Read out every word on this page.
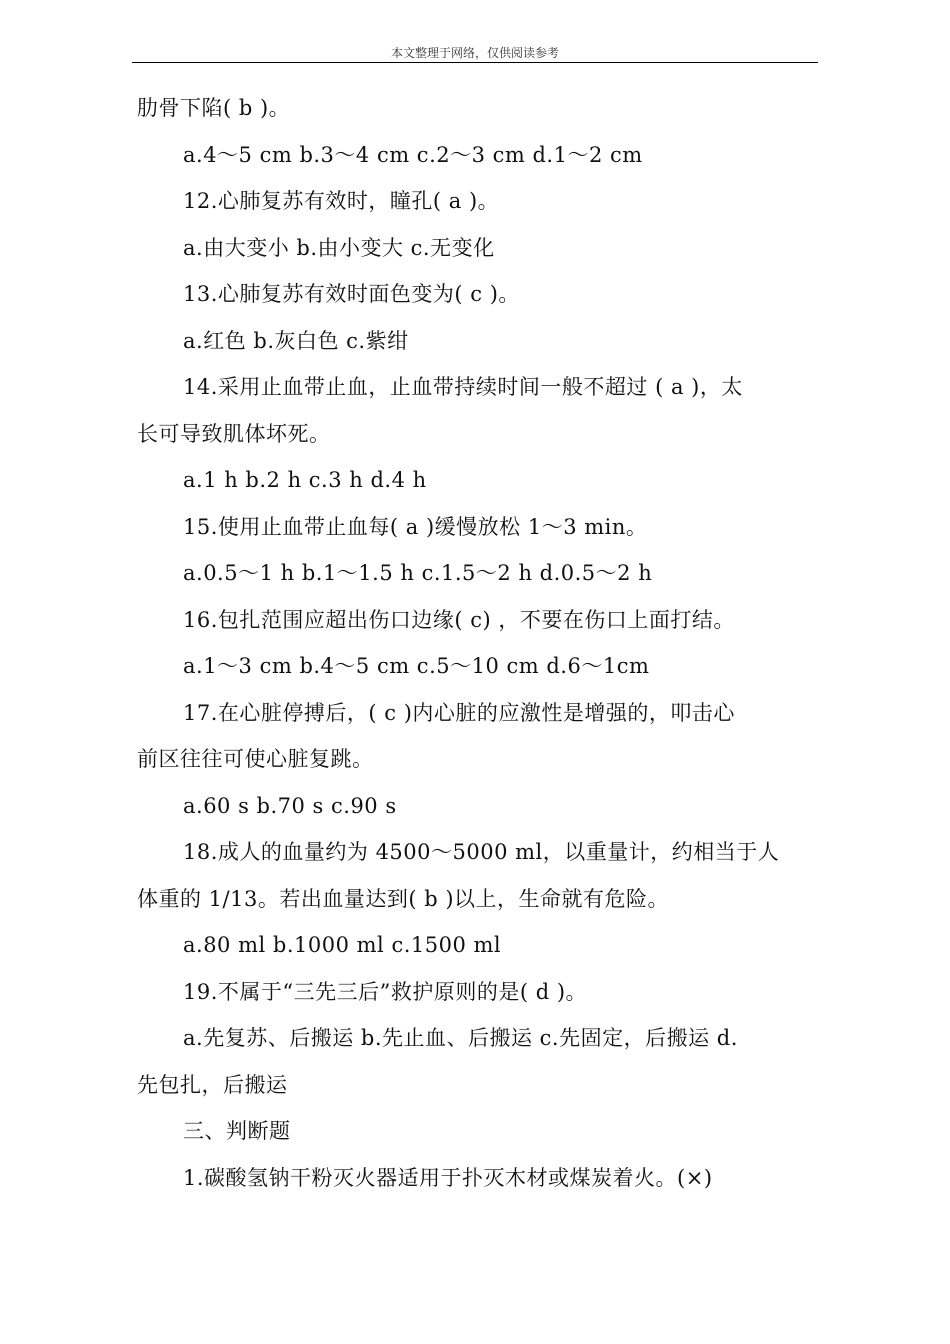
本文整理于网络，仅供阅读参考
肋骨下陷( b )。
a.4～5 cm b.3～4 cm c.2～3 cm d.1～2 cm
12.心肺复苏有效时，瞳孔( a )。
a.由大变小 b.由小变大 c.无变化
13.心肺复苏有效时面色变为( c )。
a.红色 b.灰白色 c.紫绀
14.采用止血带止血，止血带持续时间一般不超过 ( a )，太
长可导致肌体坏死。
a.1 h b.2 h c.3 h d.4 h
15.使用止血带止血每( a )缓慢放松 1～3 min。
a.0.5～1 h b.1～1.5 h c.1.5～2 h d.0.5～2 h
16.包扎范围应超出伤口边缘( c) ，不要在伤口上面打结。
a.1～3 cm b.4～5 cm c.5～10 cm d.6～1cm
17.在心脏停搏后，( c )内心脏的应激性是增强的，叩击心
前区往往可使心脏复跳。
a.60 s b.70 s c.90 s
18.成人的血量约为 4500～5000 ml，以重量计，约相当于人
体重的 1/13。若出血量达到( b )以上，生命就有危险。
a.80 ml b.1000 ml c.1500 ml
19.不属于“三先三后”救护原则的是( d )。
a.先复苏、后搬运 b.先止血、后搬运 c.先固定，后搬运 d.
先包扎，后搬运
三、判断题
1.碳酸氢钠干粉灭火器适用于扑灭木材或煤炭着火。(×)
